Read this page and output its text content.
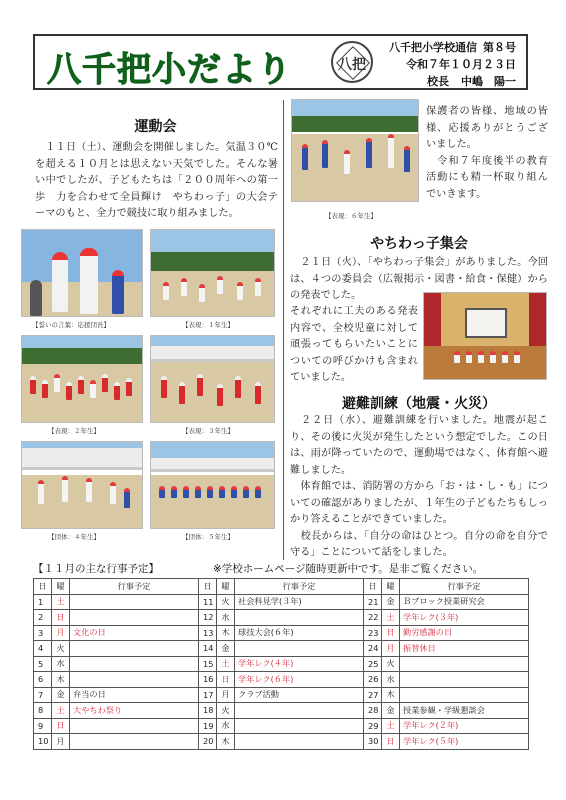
八千把小だより	八把
八千把小学校通信 第８号
令和７年１０月２３日
校長 中嶋　陽一
運動会

　１１日（土）、運動会を開催しました。気温３０℃を超える１０月とは思えない天気でした。そんな暑い中でしたが、子どもたちは「２００周年への第一歩　力を合わせて全員輝け　やちわっ子」の大会テーマのもと、全力で競技に取り組みました。

【誓いの言葉：応援団長】	【表現：１年生】
【表現：２年生】	【表現：３年生】
【団体：４年生】	【団体：５年生】
【表現：６年生】

保護者の皆様、地域の皆様、応援ありがとうございました。
　令和７年度後半の教育活動にも精一杯取り組んでいきます。

やちわっ子集会

　２１日（火）、「やちわっ子集会」がありました。今回は、４つの委員会（広報掲示・図書・給食・保健）からの発表でした。

それぞれに工夫のある発表内容で、全校児童に対して頑張ってもらいたいことについての呼びかけも含まれていました。

避難訓練（地震・火災）

　２２日（水）、避難訓練を行いました。地震が起こり、その後に火災が発生したという想定でした。この日は、雨が降っていたので、運動場ではなく、体育館へ避難しました。
　体育館では、消防署の方から「お・は・し・も」についての確認がありましたが、１年生の子どもたちもしっかり答えることができていました。
　校長からは、「自分の命はひとつ。自分の命を自分で守る」ことについて話をしました。

【１１月の主な行事予定】	※学校ホームページ随時更新中です。是非ご覧ください。
日	曜	行事予定	日	曜	行事予定	日	曜	行事予定
1	土		11	火	社会科見学(３年)	21	金	Ｂブロック授業研究会
2	日		12	水		22	土	学年レク(３年)
3	月	文化の日	13	木	球技大会(６年)	23	日	勤労感謝の日
4	火		14	金		24	月	振替休日
5	水		15	土	学年レク(４年)	25	火	
6	木		16	日	学年レク(６年)	26	水	
7	金	弁当の日	17	月	クラブ活動	27	木	
8	土	大やちわ祭り	18	火		28	金	授業参観・学級懇談会
9	日		19	水		29	土	学年レク(２年)
10	月		20	木		30	日	学年レク(５年)
